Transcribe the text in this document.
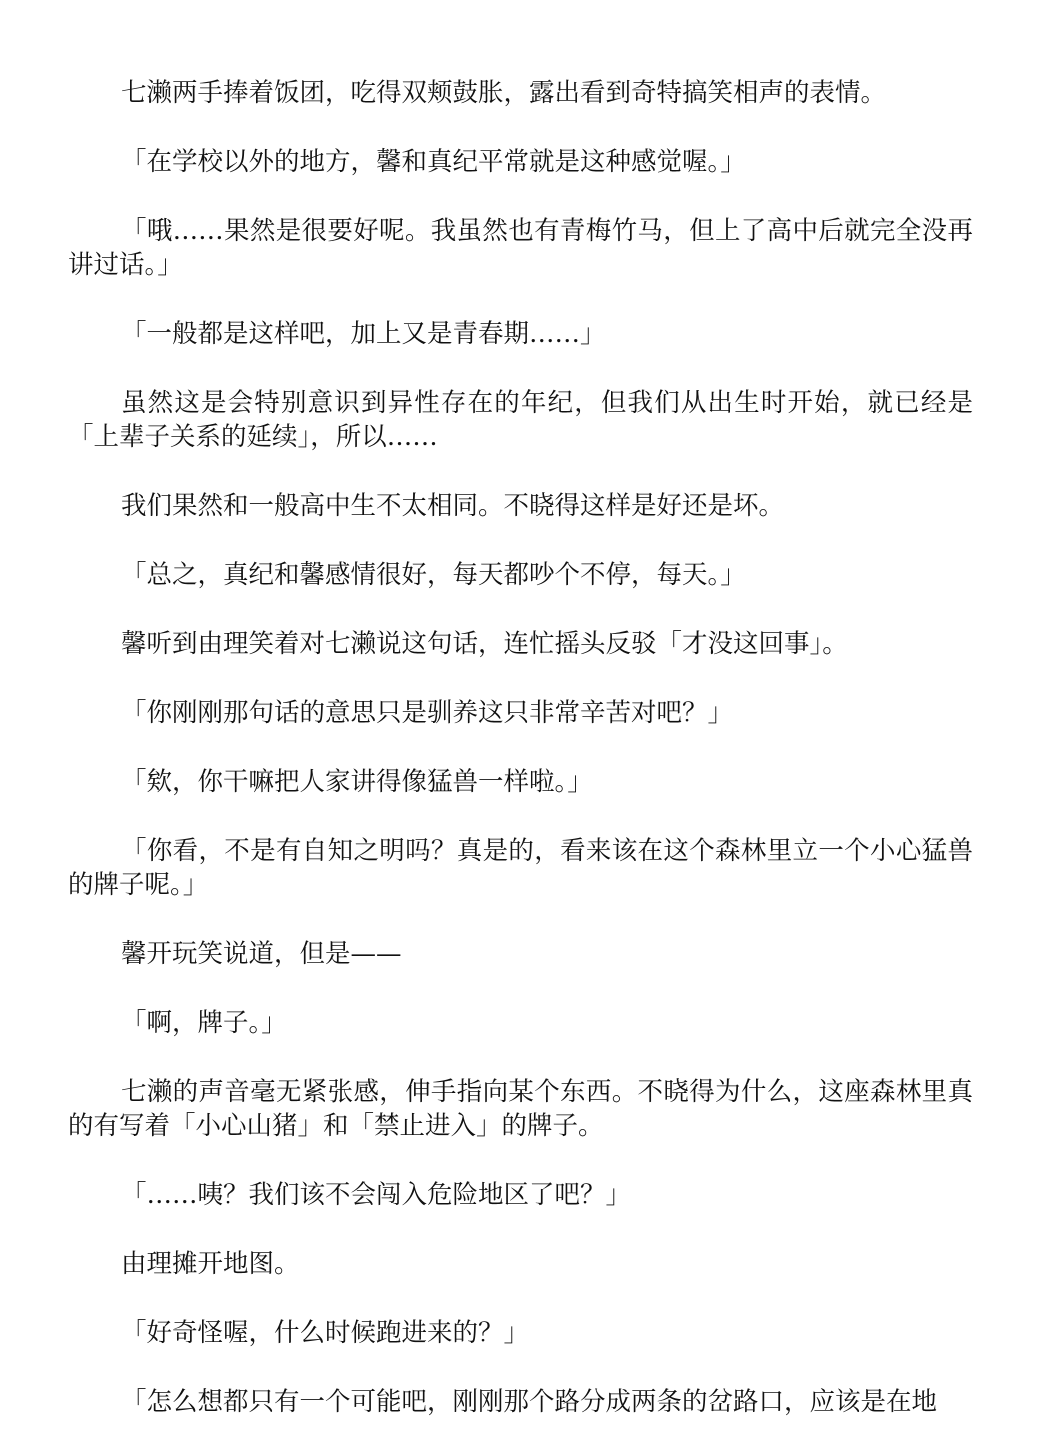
七濑两手捧着饭团，吃得双颊鼓胀，露出看到奇特搞笑相声的表情。

「在学校以外的地方，馨和真纪平常就是这种感觉喔。」

「哦……果然是很要好呢。我虽然也有青梅竹马，但上了高中后就完全没再讲过话。」

「一般都是这样吧，加上又是青春期……」

虽然这是会特别意识到异性存在的年纪，但我们从出生时开始，就已经是「上辈子关系的延续」，所以……

我们果然和一般高中生不太相同。不晓得这样是好还是坏。

「总之，真纪和馨感情很好，每天都吵个不停，每天。」

馨听到由理笑着对七濑说这句话，连忙摇头反驳「才没这回事」。

「你刚刚那句话的意思只是驯养这只非常辛苦对吧？」

「欸，你干嘛把人家讲得像猛兽一样啦。」

「你看，不是有自知之明吗？真是的，看来该在这个森林里立一个小心猛兽的牌子呢。」

馨开玩笑说道，但是——

「啊，牌子。」

七濑的声音毫无紧张感，伸手指向某个东西。不晓得为什么，这座森林里真的有写着「小心山猪」和「禁止进入」的牌子。

「……咦？我们该不会闯入危险地区了吧？」

由理摊开地图。

「好奇怪喔，什么时候跑进来的？」

「怎么想都只有一个可能吧，刚刚那个路分成两条的岔路口，应该是在地
